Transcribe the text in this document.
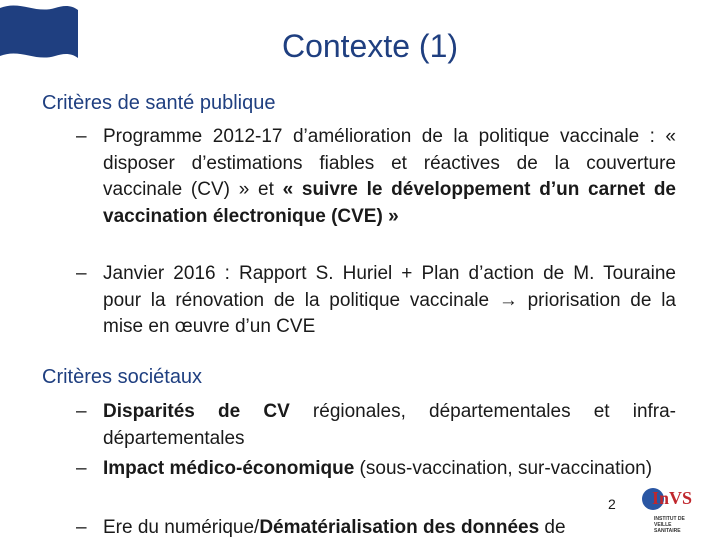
Contexte (1)
Critères de santé publique
– Programme 2012-17 d’amélioration de la politique vaccinale : « disposer d’estimations fiables et réactives de la couverture vaccinale (CV) » et « suivre le développement d’un carnet de vaccination électronique (CVE) »
– Janvier 2016 : Rapport S. Huriel + Plan d’action de M. Touraine pour la rénovation de la politique vaccinale → priorisation de la mise en œuvre d’un CVE
Critères sociétaux
– Disparités de CV régionales, départementales et infra-départementales
– Impact médico-économique (sous-vaccination, sur-vaccination)
– Ere du numérique/Dématérialisation des données de
2 InVS
INSTITUT DE VEILLE SANITAIRE
